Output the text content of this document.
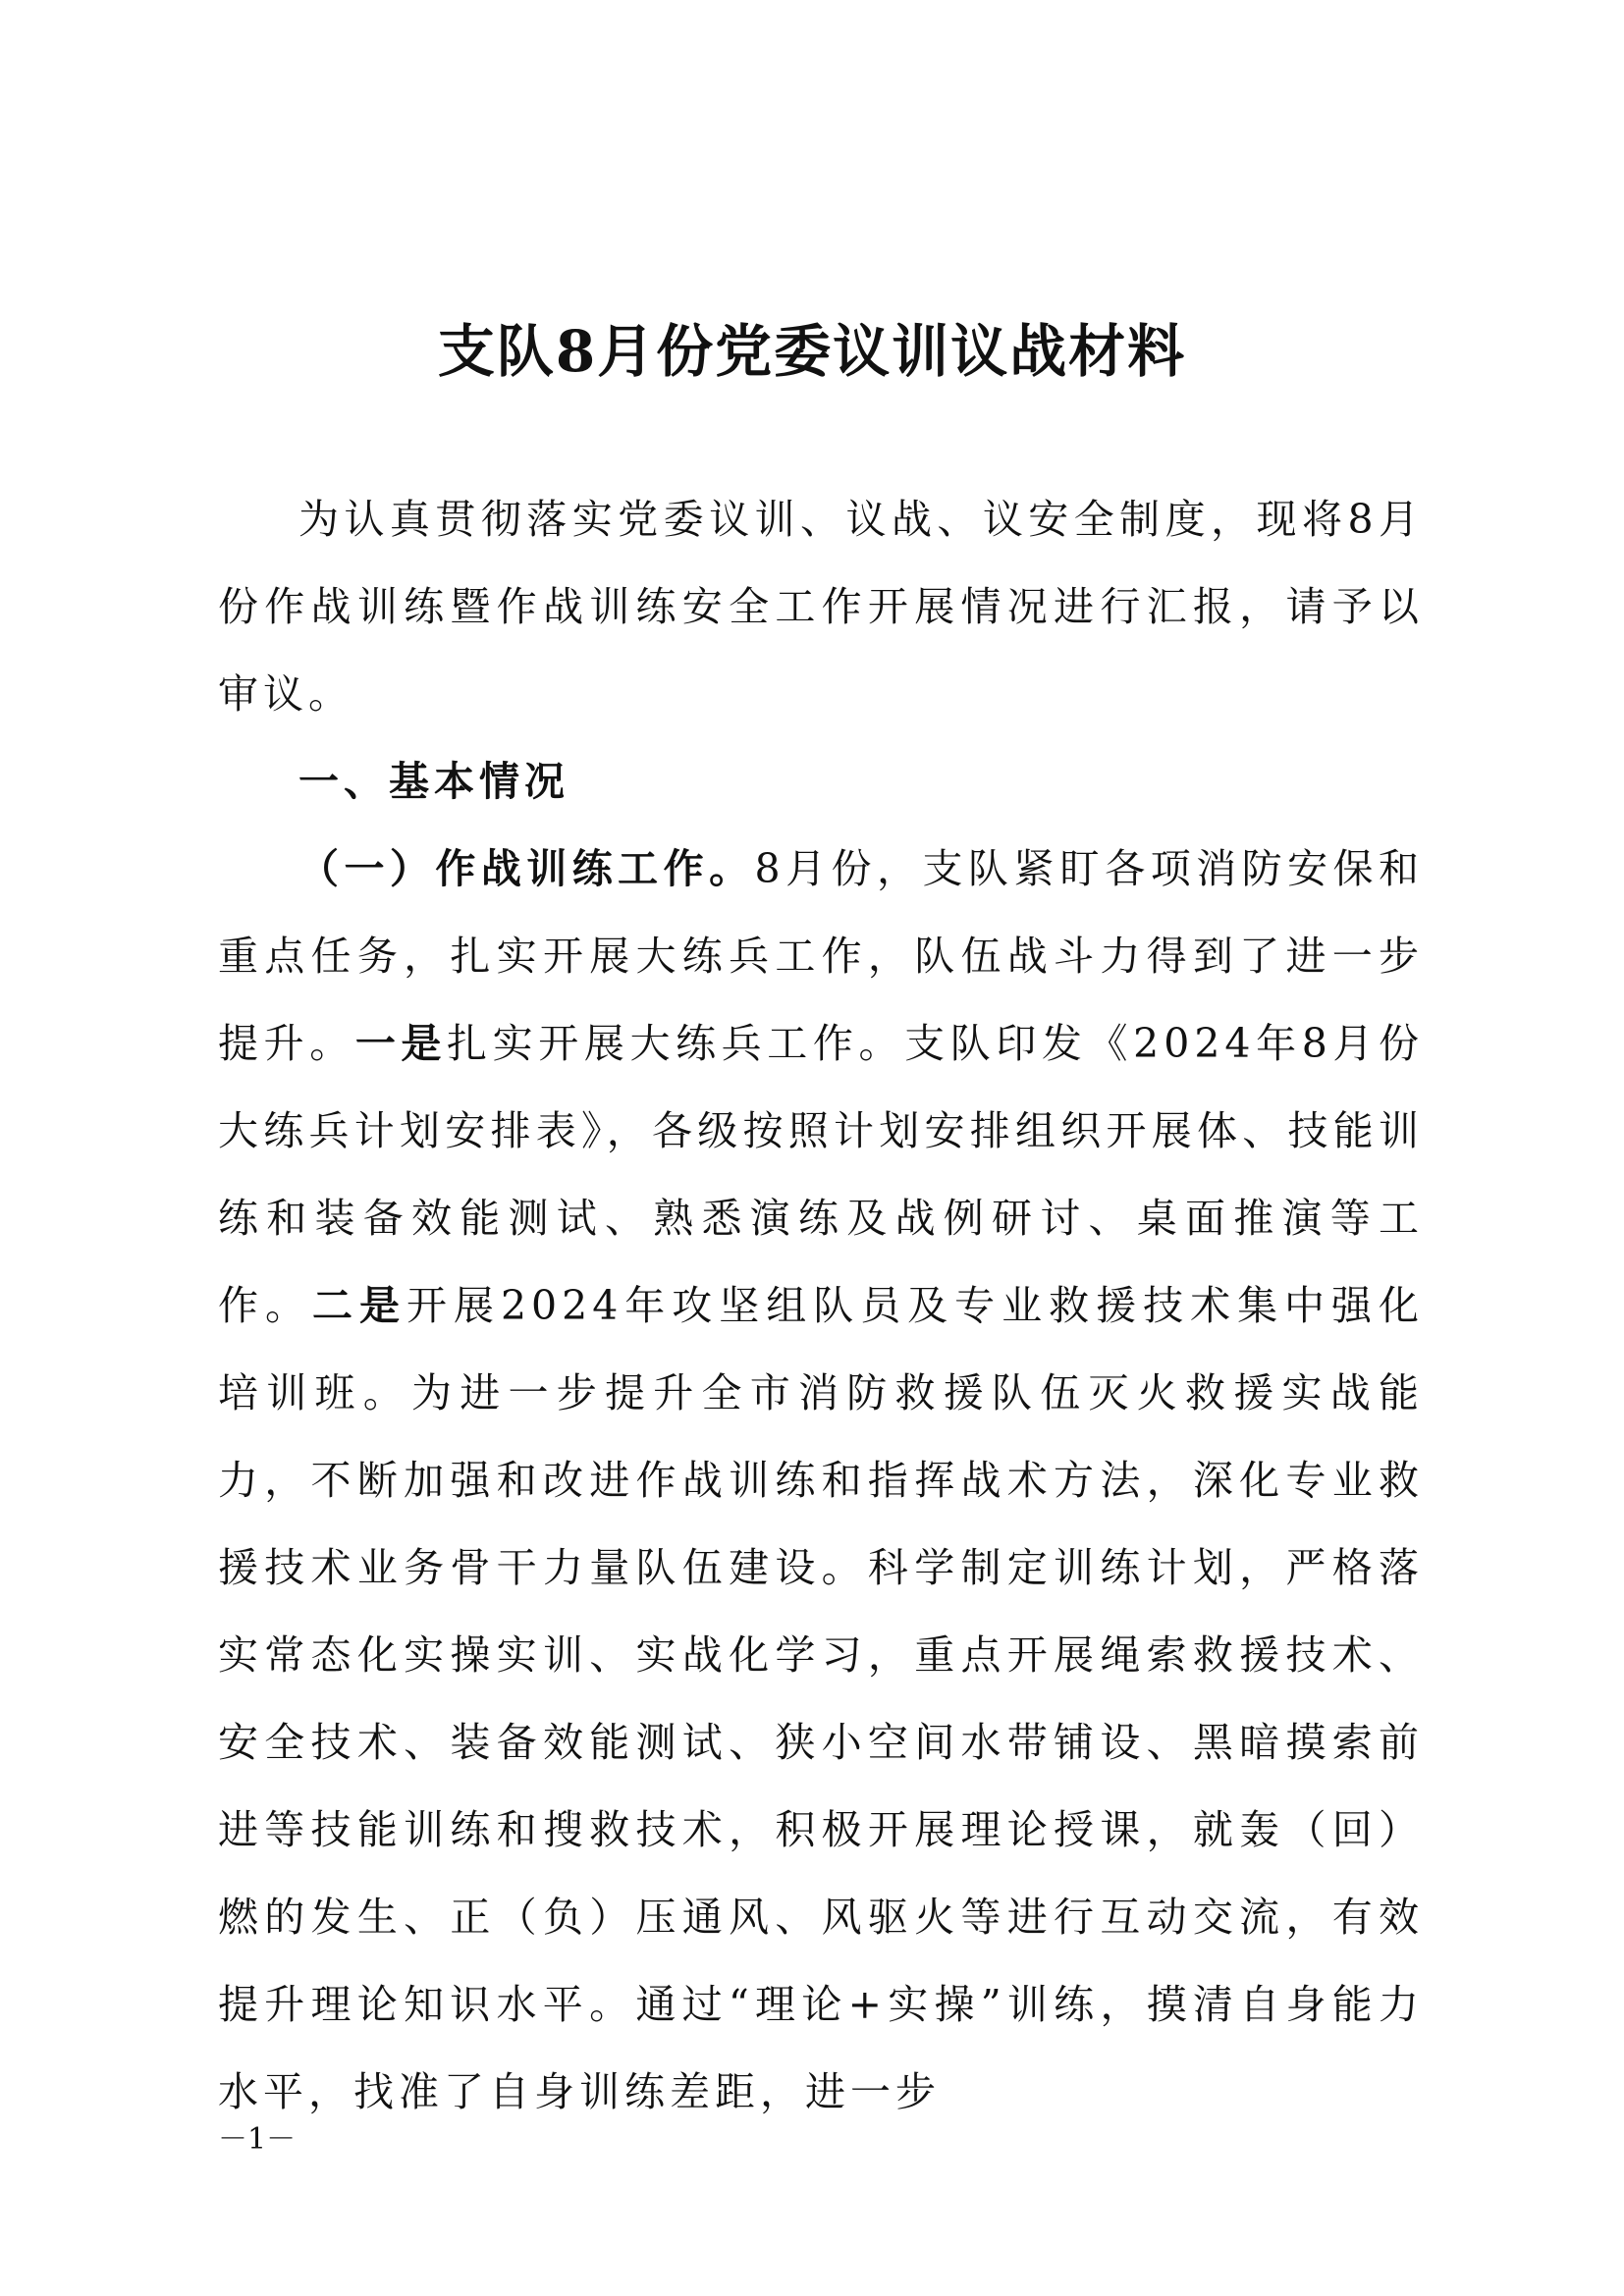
支队8月份党委议训议战材料

为认真贯彻落实党委议训、议战、议安全制度，现将8月份作战训练暨作战训练安全工作开展情况进行汇报，请予以审议。

一、基本情况

（一）作战训练工作。8月份，支队紧盯各项消防安保和重点任务，扎实开展大练兵工作，队伍战斗力得到了进一步提升。一是扎实开展大练兵工作。支队印发《2024年8月份大练兵计划安排表》，各级按照计划安排组织开展体、技能训练和装备效能测试、熟悉演练及战例研讨、桌面推演等工作。二是开展2024年攻坚组队员及专业救援技术集中强化培训班。为进一步提升全市消防救援队伍灭火救援实战能力，不断加强和改进作战训练和指挥战术方法，深化专业救援技术业务骨干力量队伍建设。科学制定训练计划，严格落实常态化实操实训、实战化学习，重点开展绳索救援技术、安全技术、装备效能测试、狭小空间水带铺设、黑暗摸索前进等技能训练和搜救技术，积极开展理论授课，就轰（回）燃的发生、正（负）压通风、风驱火等进行互动交流，有效提升理论知识水平。通过“理论+实操”训练，摸清自身能力水平，找准了自身训练差距，进一步

－1－
